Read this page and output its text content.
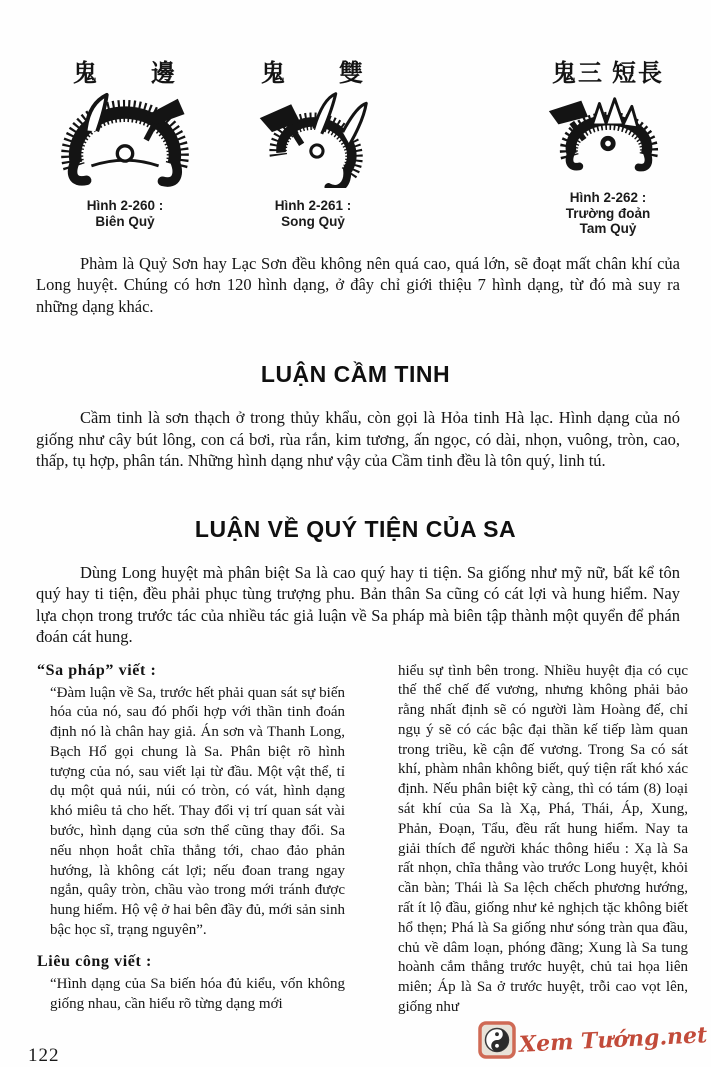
鬼　　邊
Hình 2-260 :
Biên Quỷ
鬼　　雙
Hình 2-261 :
Song Quỷ
鬼三 短長
Hình 2-262 :
Trường đoản
Tam Quỷ

Phàm là Quỷ Sơn hay Lạc Sơn đều không nên quá cao, quá lớn, sẽ đoạt mất chân khí của Long huyệt. Chúng có hơn 120 hình dạng, ở đây chỉ giới thiệu 7 hình dạng, từ đó mà suy ra những dạng khác.

LUẬN CẦM TINH

Cầm tinh là sơn thạch ở trong thủy khẩu, còn gọi là Hỏa tinh Hà lạc. Hình dạng của nó giống như cây bút lông, con cá bơi, rùa rắn, kim tương, ấn ngọc, có dài, nhọn, vuông, tròn, cao, thấp, tụ hợp, phân tán. Những hình dạng như vậy của Cầm tinh đều là tôn quý, linh tú.

LUẬN VỀ QUÝ TIỆN CỦA SA

Dùng Long huyệt mà phân biệt Sa là cao quý hay ti tiện. Sa giống như mỹ nữ, bất kể tôn quý hay ti tiện, đều phải phục tùng trượng phu. Bản thân Sa cũng có cát lợi và hung hiểm. Nay lựa chọn trong trước tác của nhiều tác giả luận về Sa pháp mà biên tập thành một quyển để phán đoán cát hung.

“Sa pháp” viết :
“Đàm luận về Sa, trước hết phải quan sát sự biến hóa của nó, sau đó phối hợp với thần tinh đoán định nó là chân hay giả. Án sơn và Thanh Long, Bạch Hổ gọi chung là Sa. Phân biệt rõ hình tượng của nó, sau viết lại từ đầu. Một vật thể, tỉ dụ một quả núi, núi có tròn, có vát, hình dạng khó miêu tả cho hết. Thay đổi vị trí quan sát vài bước, hình dạng của sơn thể cũng thay đổi. Sa nếu nhọn hoắt chĩa thẳng tới, chao đảo phản hướng, là không cát lợi; nếu đoan trang ngay ngắn, quây tròn, chầu vào trong mới tránh được hung hiểm. Hộ vệ ở hai bên đầy đủ, mới sản sinh bậc học sĩ, trạng nguyên”.
Liêu công viết :
“Hình dạng của Sa biến hóa đủ kiểu, vốn không giống nhau, cần hiểu rõ từng dạng mới
hiểu sự tình bên trong. Nhiều huyệt địa có cục thế thể chế đế vương, nhưng không phải bảo rằng nhất định sẽ có người làm Hoàng đế, chỉ ngụ ý sẽ có các bậc đại thần kế tiếp làm quan trong triều, kề cận đế vương. Trong Sa có sát khí, phàm nhân không biết, quý tiện rất khó xác định. Nếu phân biệt kỹ càng, thì có tám (8) loại sát khí của Sa là Xạ, Phá, Thái, Áp, Xung, Phản, Đoạn, Tẩu, đều rất hung hiểm. Nay ta giải thích để người khác thông hiểu : Xạ là Sa rất nhọn, chĩa thẳng vào trước Long huyệt, khỏi cần bàn; Thái là Sa lệch chếch phương hướng, rất ít lộ đầu, giống như kẻ nghịch tặc không biết hổ thẹn; Phá là Sa giống như sóng tràn qua đầu, chủ về dâm loạn, phóng đãng; Xung là Sa tung hoành cắm thẳng trước huyệt, chủ tai họa liên miên; Áp là Sa ở trước huyệt, trỗi cao vọt lên, giống như
122	Xem Tướng.net
